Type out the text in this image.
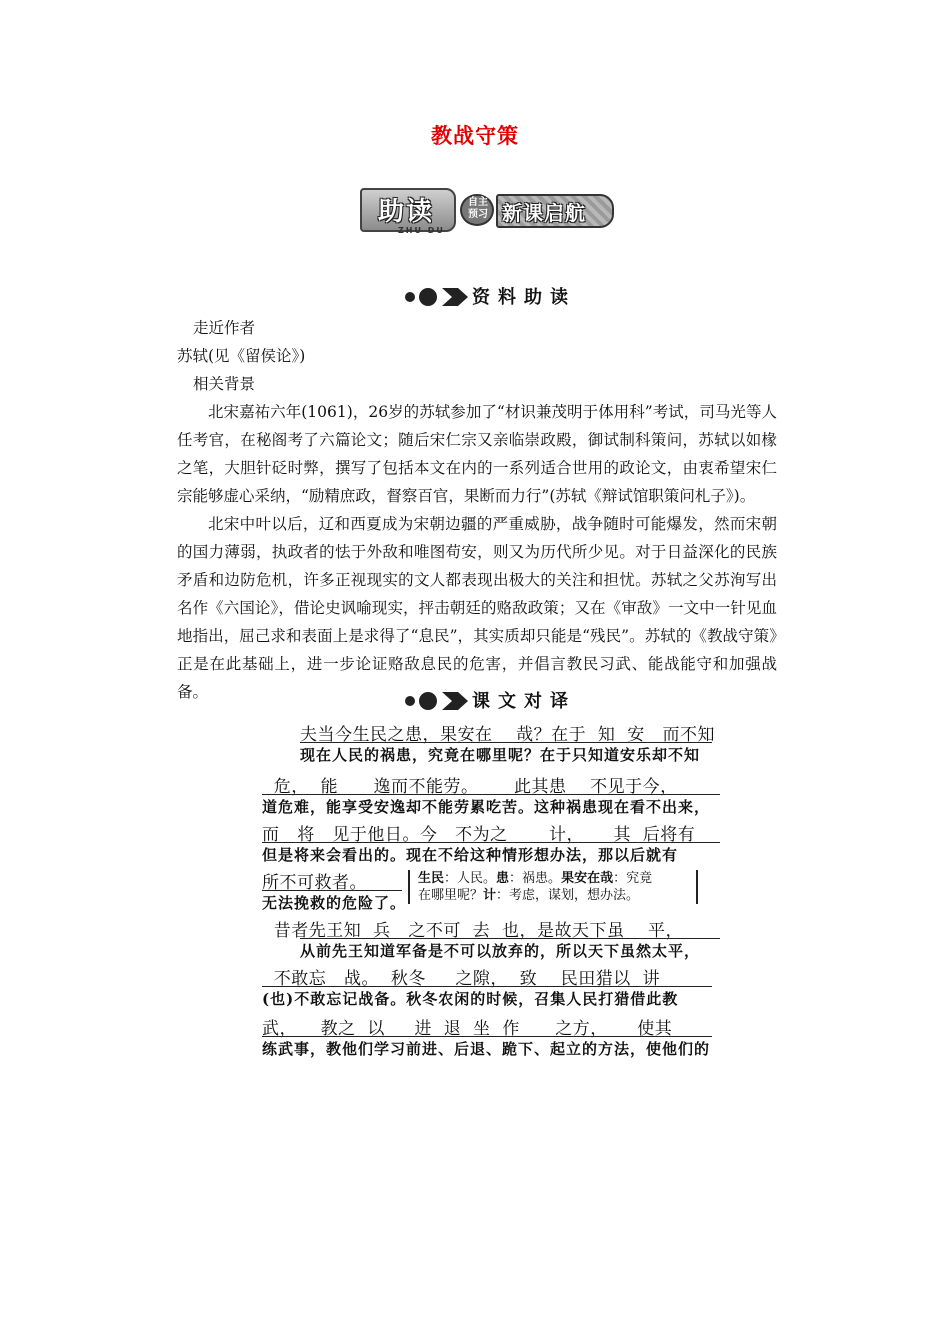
教战守策
助读
ZHU DU
自主预习 新课启航
资料助读

走近作者

苏轼(见《留侯论》)

相关背景

北宋嘉祐六年(1061)，26岁的苏轼参加了“材识兼茂明于体用科”考试，司马光等人任考官，在秘阁考了六篇论文；随后宋仁宗又亲临崇政殿，御试制科策问，苏轼以如椽之笔，大胆针砭时弊，撰写了包括本文在内的一系列适合世用的政论文，由衷希望宋仁宗能够虚心采纳，“励精庶政，督察百官，果断而力行”(苏轼《辩试馆职策问札子》)。

北宋中叶以后，辽和西夏成为宋朝边疆的严重威胁，战争随时可能爆发，然而宋朝的国力薄弱，执政者的怯于外敌和唯图苟安，则又为历代所少见。对于日益深化的民族矛盾和边防危机，许多正视现实的文人都表现出极大的关注和担忧。苏轼之父苏洵写出名作《六国论》，借论史讽喻现实，抨击朝廷的赂敌政策；又在《审敌》一文中一针见血地指出，屈己求和表面上是求得了“息民”，其实质却只能是“残民”。苏轼的《教战守策》正是在此基础上，进一步论证赂敌息民的危害，并倡言教民习武、能战能守和加强战备。	课文对译
夫当今生民之患，果安在    哉？在于  知  安   而不知
现在人民的祸患，究竟在哪里呢？在于只知道安乐却不知
危，  能      逸而不能劳。      此其患    不见于今，
道危难，能享受安逸却不能劳累吃苦。这种祸患现在看不出来，
而   将   见于他日。今   不为之       计，     其  后将有
但是将来会看出的。现在不给这种情形想办法，那以后就有
所不可救者。
无法挽救的危险了。
生民：人民。患：祸患。果安在哉：究竟
在哪里呢？计：考虑，谋划，想办法。
昔者先王知  兵   之不可  去  也，是故天下虽    平，
从前先王知道军备是不可以放弃的，所以天下虽然太平，
不敢忘   战。  秋冬     之隙，  致    民田猎以  讲
(也)不敢忘记战备。秋冬农闲的时候，召集人民打猎借此教
武，    教之  以     进  退  坐  作      之方，     使其
练武事，教他们学习前进、后退、跪下、起立的方法，使他们的
